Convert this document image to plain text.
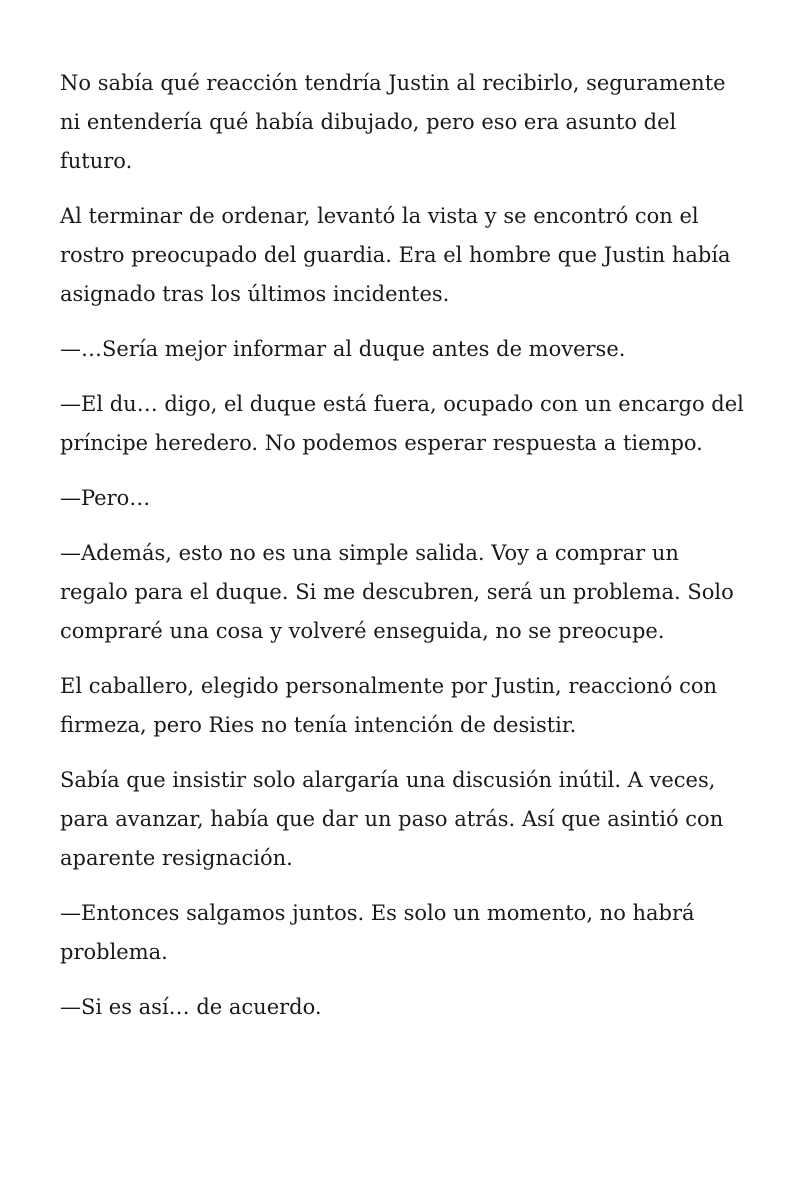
No sabía qué reacción tendría Justin al recibirlo, seguramente ni entendería qué había dibujado, pero eso era asunto del futuro.

Al terminar de ordenar, levantó la vista y se encontró con el rostro preocupado del guardia. Era el hombre que Justin había asignado tras los últimos incidentes.

—…Sería mejor informar al duque antes de moverse.

—El du… digo, el duque está fuera, ocupado con un encargo del príncipe heredero. No podemos esperar respuesta a tiempo.

—Pero…

—Además, esto no es una simple salida. Voy a comprar un regalo para el duque. Si me descubren, será un problema. Solo compraré una cosa y volveré enseguida, no se preocupe.

El caballero, elegido personalmente por Justin, reaccionó con firmeza, pero Ries no tenía intención de desistir.

Sabía que insistir solo alargaría una discusión inútil. A veces, para avanzar, había que dar un paso atrás. Así que asintió con aparente resignación.

—Entonces salgamos juntos. Es solo un momento, no habrá problema.

—Si es así… de acuerdo.
